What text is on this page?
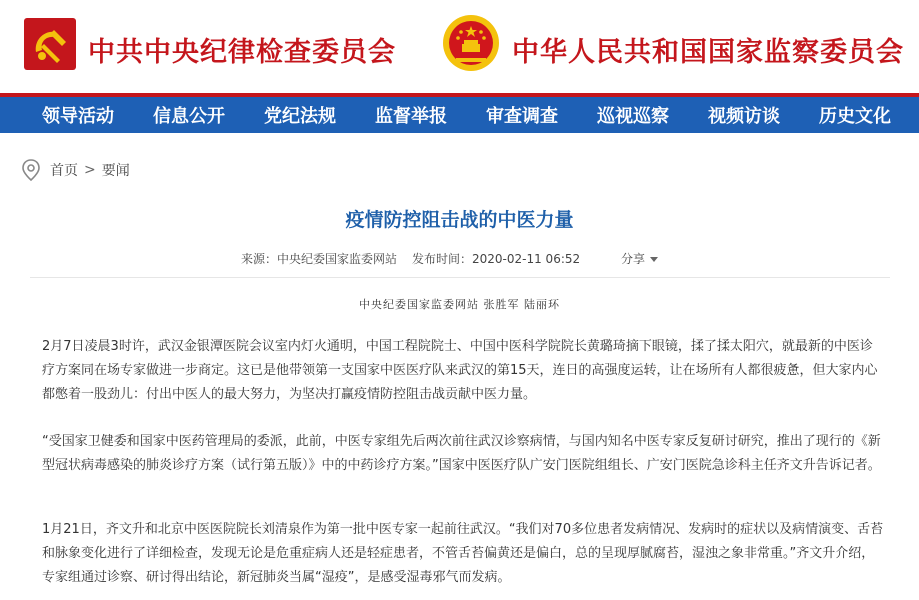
中共中央纪律检查委员会	中华人民共和国国家监察委员会
领导活动 信息公开 党纪法规 监督举报 审查调查 巡视巡察 视频访谈 历史文化
首页 > 要闻
疫情防控阻击战的中医力量
来源：中央纪委国家监委网站 发布时间：2020-02-11 06:52	分享
中央纪委国家监委网站 张胜军 陆丽环

2月7日凌晨3时许，武汉金银潭医院会议室内灯火通明，中国工程院院士、中国中医科学院院长黄璐琦摘下眼镜，揉了揉太阳穴，就最新的中医诊疗方案同在场专家做进一步商定。这已是他带领第一支国家中医医疗队来武汉的第15天，连日的高强度运转，让在场所有人都很疲惫，但大家内心都憋着一股劲儿：付出中医人的最大努力，为坚决打赢疫情防控阻击战贡献中医力量。

“受国家卫健委和国家中医药管理局的委派，此前，中医专家组先后两次前往武汉诊察病情，与国内知名中医专家反复研讨研究，推出了现行的《新型冠状病毒感染的肺炎诊疗方案（试行第五版）》中的中药诊疗方案。”国家中医医疗队广安门医院组组长、广安门医院急诊科主任齐文升告诉记者。

1月21日，齐文升和北京中医医院院长刘清泉作为第一批中医专家一起前往武汉。“我们对70多位患者发病情况、发病时的症状以及病情演变、舌苔和脉象变化进行了详细检查，发现无论是危重症病人还是轻症患者，不管舌苔偏黄还是偏白，总的呈现厚腻腐苔，湿浊之象非常重。”齐文升介绍，专家组通过诊察、研讨得出结论，新冠肺炎当属“湿疫”，是感受湿毒邪气而发病。
